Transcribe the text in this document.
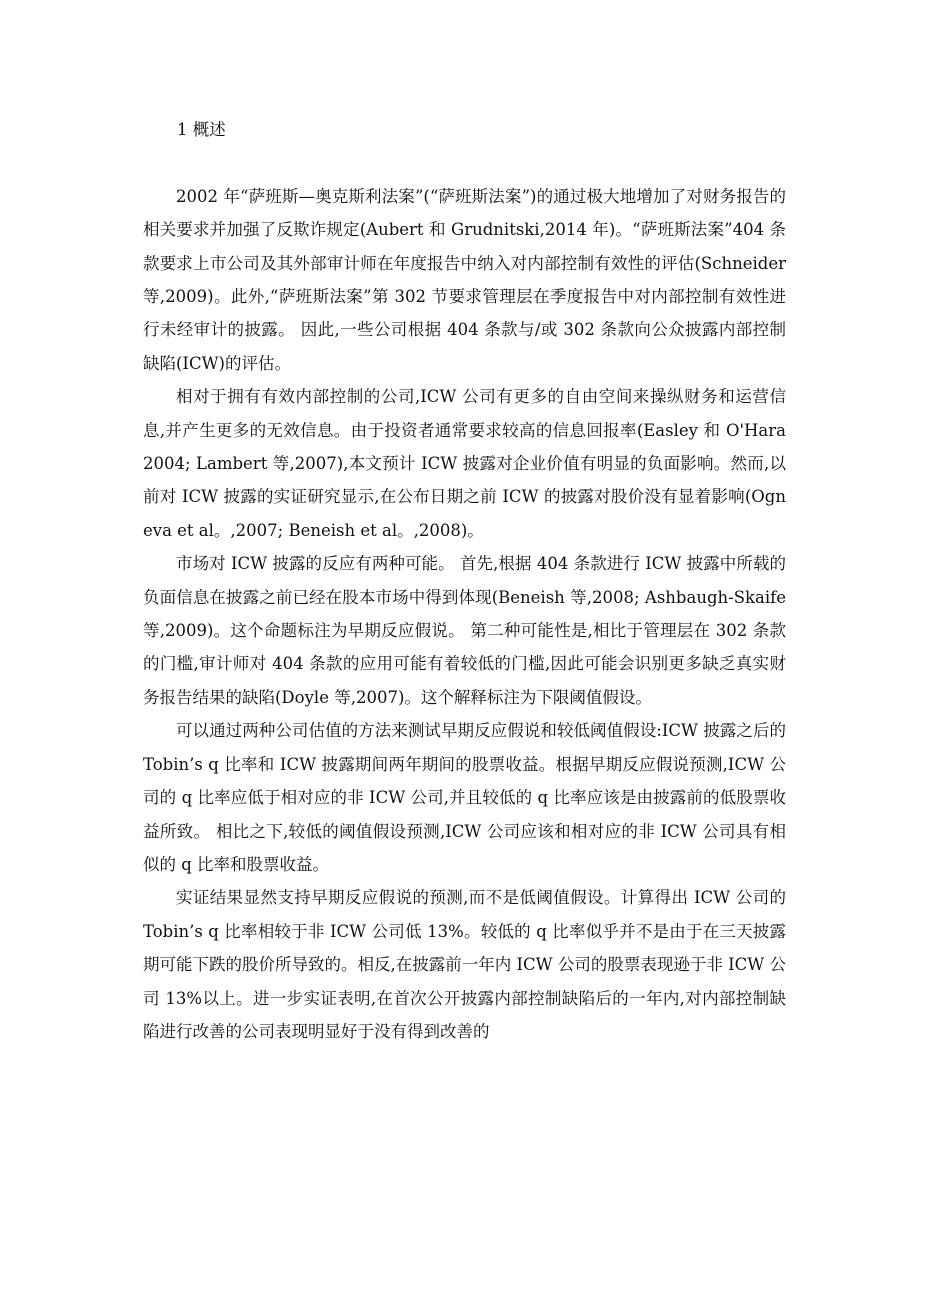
1 概述

2002 年“萨班斯—奥克斯利法案”(“萨班斯法案”)的通过极大地增加了对财务报告的相关要求并加强了反欺诈规定(Aubert 和 Grudnitski,2014 年)。“萨班斯法案”404 条款要求上市公司及其外部审计师在年度报告中纳入对内部控制有效性的评估(Schneider 等,2009)。此外,“萨班斯法案”第 302 节要求管理层在季度报告中对内部控制有效性进行未经审计的披露。 因此,一些公司根据 404 条款与/或 302 条款向公众披露内部控制缺陷(ICW)的评估。

相对于拥有有效内部控制的公司,ICW 公司有更多的自由空间来操纵财务和运营信息,并产生更多的无效信息。由于投资者通常要求较高的信息回报率(Easley 和 O'Hara 2004; Lambert 等,2007),本文预计 ICW 披露对企业价值有明显的负面影响。然而,以前对 ICW 披露的实证研究显示,在公布日期之前 ICW 的披露对股价没有显着影响(Ogneva et al。,2007; Beneish et al。,2008)。

市场对 ICW 披露的反应有两种可能。 首先,根据 404 条款进行 ICW 披露中所载的负面信息在披露之前已经在股本市场中得到体现(Beneish 等,2008; Ashbaugh-Skaife 等,2009)。这个命题标注为早期反应假说。 第二种可能性是,相比于管理层在 302 条款的门槛,审计师对 404 条款的应用可能有着较低的门槛,因此可能会识别更多缺乏真实财务报告结果的缺陷(Doyle 等,2007)。这个解释标注为下限阈值假设。

可以通过两种公司估值的方法来测试早期反应假说和较低阈值假设:ICW 披露之后的 Tobin’s q 比率和 ICW 披露期间两年期间的股票收益。根据早期反应假说预测,ICW 公司的 q 比率应低于相对应的非 ICW 公司,并且较低的 q 比率应该是由披露前的低股票收益所致。 相比之下,较低的阈值假设预测,ICW 公司应该和相对应的非 ICW 公司具有相似的 q 比率和股票收益。

实证结果显然支持早期反应假说的预测,而不是低阈值假设。计算得出 ICW 公司的 Tobin’s q 比率相较于非 ICW 公司低 13%。较低的 q 比率似乎并不是由于在三天披露期可能下跌的股价所导致的。相反,在披露前一年内 ICW 公司的股票表现逊于非 ICW 公司 13%以上。进一步实证表明,在首次公开披露内部控制缺陷后的一年内,对内部控制缺陷进行改善的公司表现明显好于没有得到改善的
